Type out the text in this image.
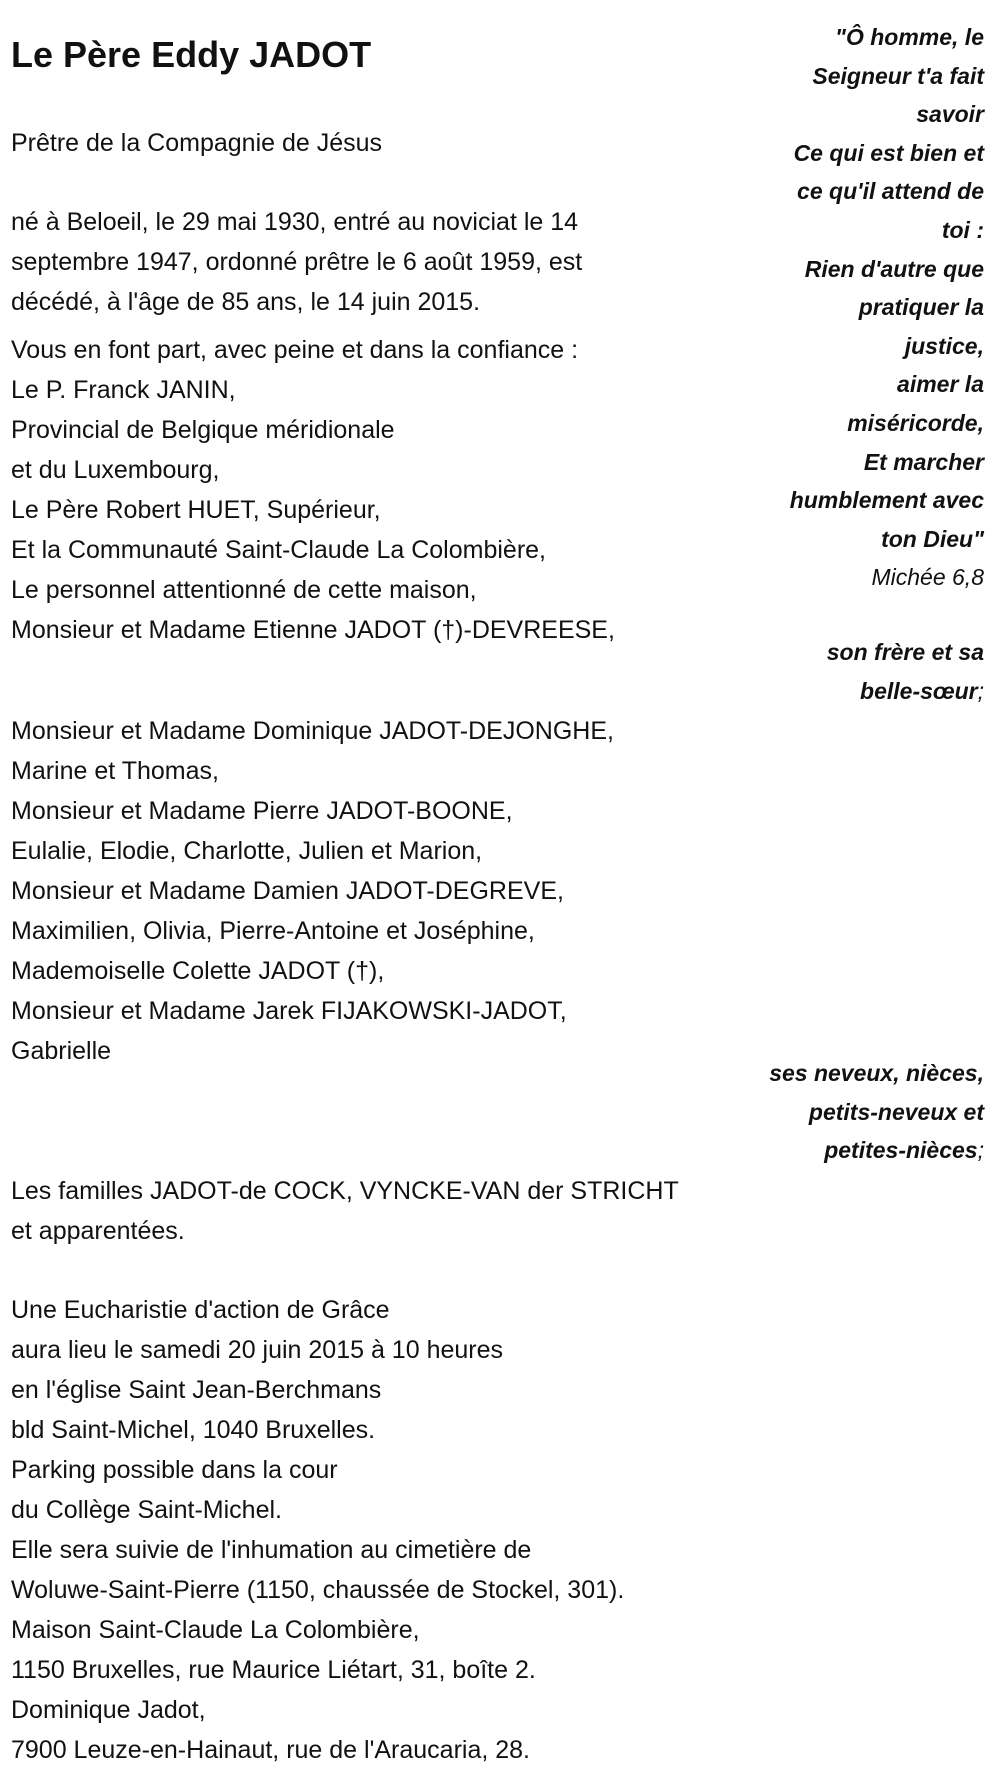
Le Père Eddy JADOT
Prêtre de la Compagnie de Jésus
né à Beloeil, le 29 mai 1930, entré au noviciat le 14
septembre 1947, ordonné prêtre le 6 août 1959, est
décédé, à l'âge de 85 ans, le 14 juin 2015.
Vous en font part, avec peine et dans la confiance :
Le P. Franck JANIN,
Provincial de Belgique méridionale
et du Luxembourg,
Le Père Robert HUET, Supérieur,
Et la Communauté Saint-Claude La Colombière,
Le personnel attentionné de cette maison,
Monsieur et Madame Etienne JADOT (†)-DEVREESE,
Monsieur et Madame Dominique JADOT-DEJONGHE,
Marine et Thomas,
Monsieur et Madame Pierre JADOT-BOONE,
Eulalie, Elodie, Charlotte, Julien et Marion,
Monsieur et Madame Damien JADOT-DEGREVE,
Maximilien, Olivia, Pierre-Antoine et Joséphine,
Mademoiselle Colette JADOT (†),
Monsieur et Madame Jarek FIJAKOWSKI-JADOT,
Gabrielle
Les familles JADOT-de COCK, VYNCKE-VAN der STRICHT
et apparentées.
Une Eucharistie d'action de Grâce
aura lieu le samedi 20 juin 2015 à 10 heures
en l'église Saint Jean-Berchmans
bld Saint-Michel, 1040 Bruxelles.
Parking possible dans la cour
du Collège Saint-Michel.
Elle sera suivie de l'inhumation au cimetière de
Woluwe-Saint-Pierre (1150, chaussée de Stockel, 301).
Maison Saint-Claude La Colombière,
1150 Bruxelles, rue Maurice Liétart, 31, boîte 2.
Dominique Jadot,
7900 Leuze-en-Hainaut, rue de l'Araucaria, 28.
"Ô homme, le
Seigneur t'a fait
savoir
Ce qui est bien et
ce qu'il attend de
toi :
Rien d'autre que
pratiquer la
justice,
aimer la
miséricorde,
Et marcher
humblement avec
ton Dieu"
Michée 6,8
son frère et sa
belle-sœur;
ses neveux, nièces,
petits-neveux et
petites-nièces;
